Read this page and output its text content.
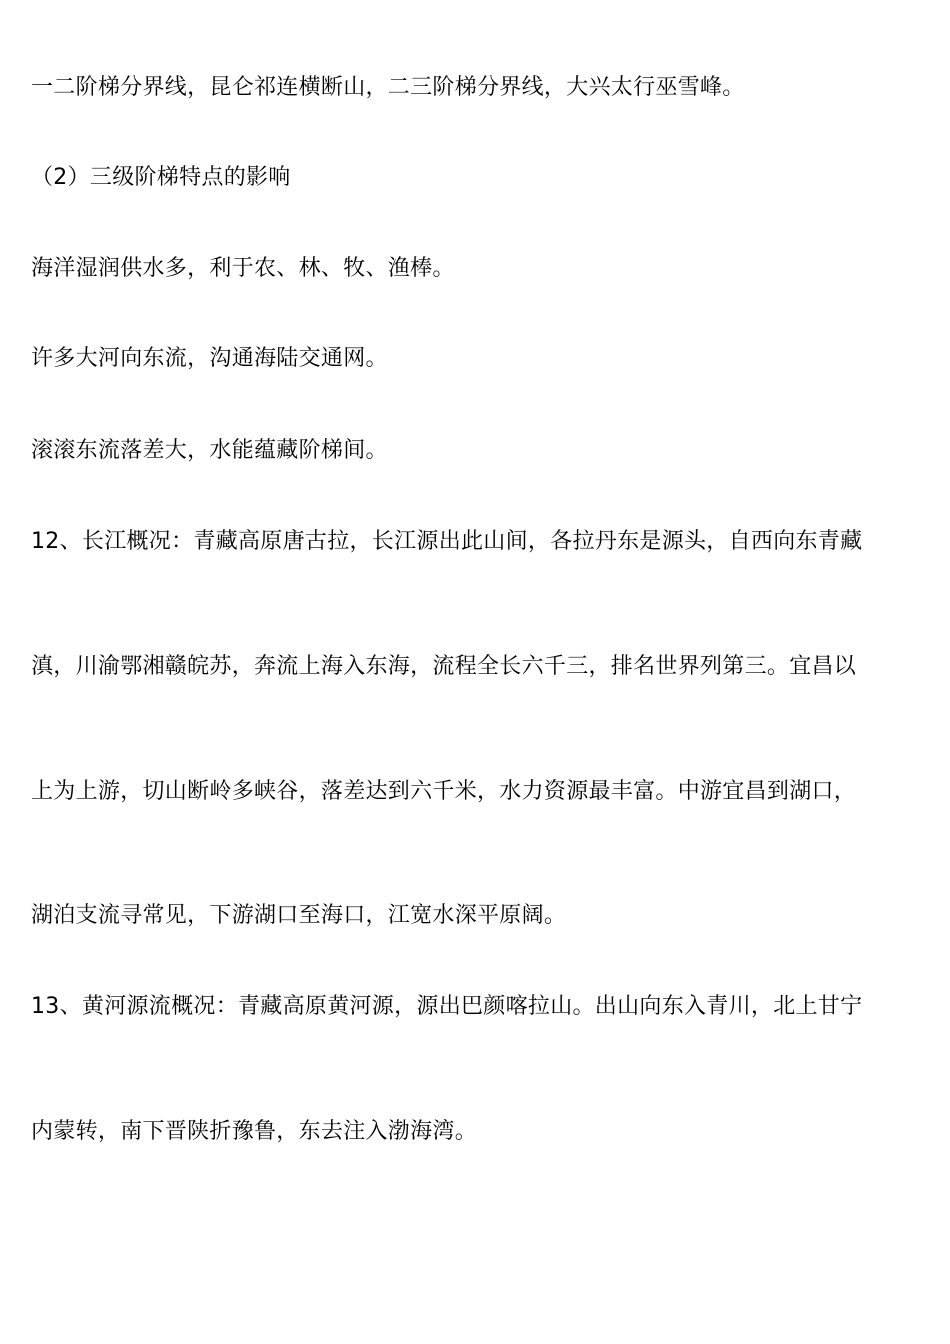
一二阶梯分界线，昆仑祁连横断山，二三阶梯分界线，大兴太行巫雪峰。
（2）三级阶梯特点的影响
海洋湿润供水多，利于农、林、牧、渔棒。
许多大河向东流，沟通海陆交通网。
滚滚东流落差大，水能蕴藏阶梯间。
12、长江概况：青藏高原唐古拉，长江源出此山间，各拉丹东是源头，自西向东青藏
滇，川渝鄂湘赣皖苏，奔流上海入东海，流程全长六千三，排名世界列第三。宜昌以
上为上游，切山断岭多峡谷，落差达到六千米，水力资源最丰富。中游宜昌到湖口，
湖泊支流寻常见，下游湖口至海口，江宽水深平原阔。
13、黄河源流概况：青藏高原黄河源，源出巴颜喀拉山。出山向东入青川，北上甘宁
内蒙转，南下晋陕折豫鲁，东去注入渤海湾。
